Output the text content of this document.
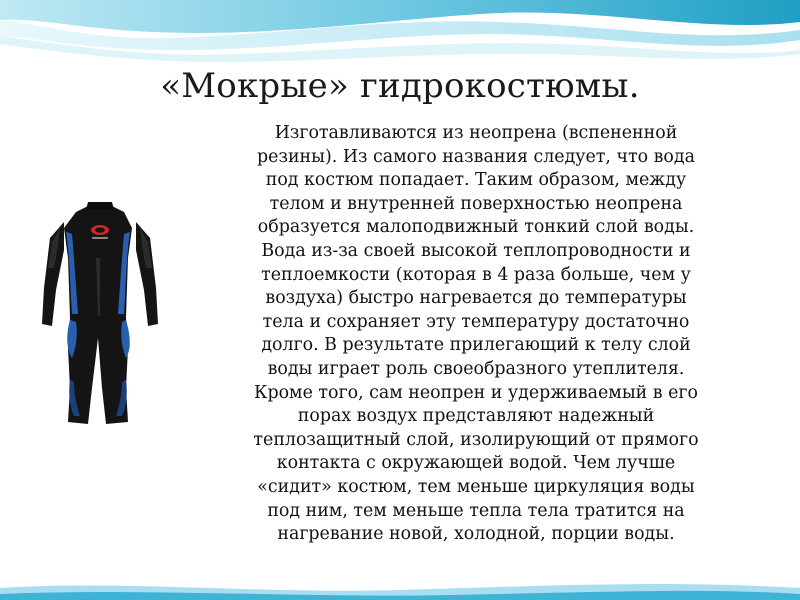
«Мокрые» гидрокостюмы.
Изготавливаются из неопрена (вспененной
резины). Из самого названия следует, что вода
под костюм попадает. Таким образом, между
телом и внутренней поверхностью неопрена
образуется малоподвижный тонкий слой воды.
Вода из-за своей высокой теплопроводности и
теплоемкости (которая в 4 раза больше, чем у
воздуха) быстро нагревается до температуры
тела и сохраняет эту температуру достаточно
долго. В результате прилегающий к телу слой
воды играет роль своеобразного утеплителя.
Кроме того, сам неопрен и удерживаемый в его
порах воздух представляют надежный
теплозащитный слой, изолирующий от прямого
контакта с окружающей водой. Чем лучше
«сидит» костюм, тем меньше циркуляция воды
под ним, тем меньше тепла тела тратится на
нагревание новой, холодной, порции воды.
